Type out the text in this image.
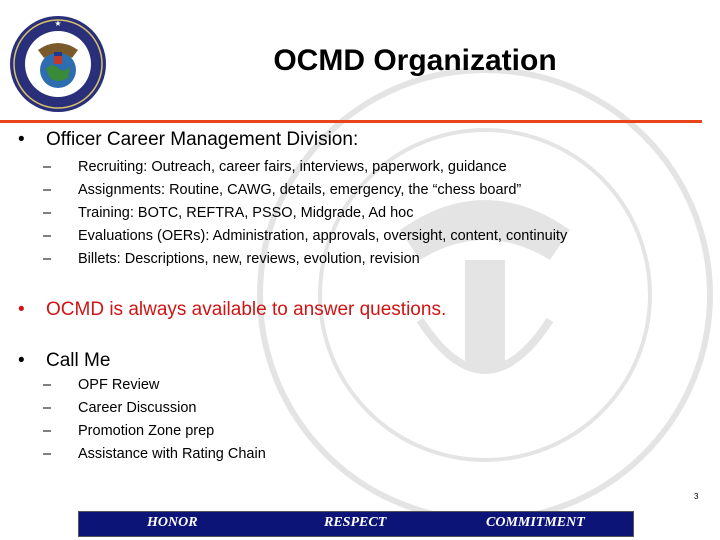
★
OCMD Organization
•	Officer Career Management Division:
–	Recruiting: Outreach, career fairs, interviews, paperwork, guidance
–	Assignments: Routine, CAWG, details, emergency, the “chess board”
–	Training: BOTC, REFTRA, PSSO, Midgrade, Ad hoc
–	Evaluations (OERs): Administration, approvals, oversight, content, continuity
–	Billets: Descriptions, new, reviews, evolution, revision
•	OCMD is always available to answer questions.
•	Call Me
–	OPF Review
–	Career Discussion
–	Promotion Zone prep
–	Assistance with Rating Chain
3
HONOR	RESPECT	COMMITMENT
